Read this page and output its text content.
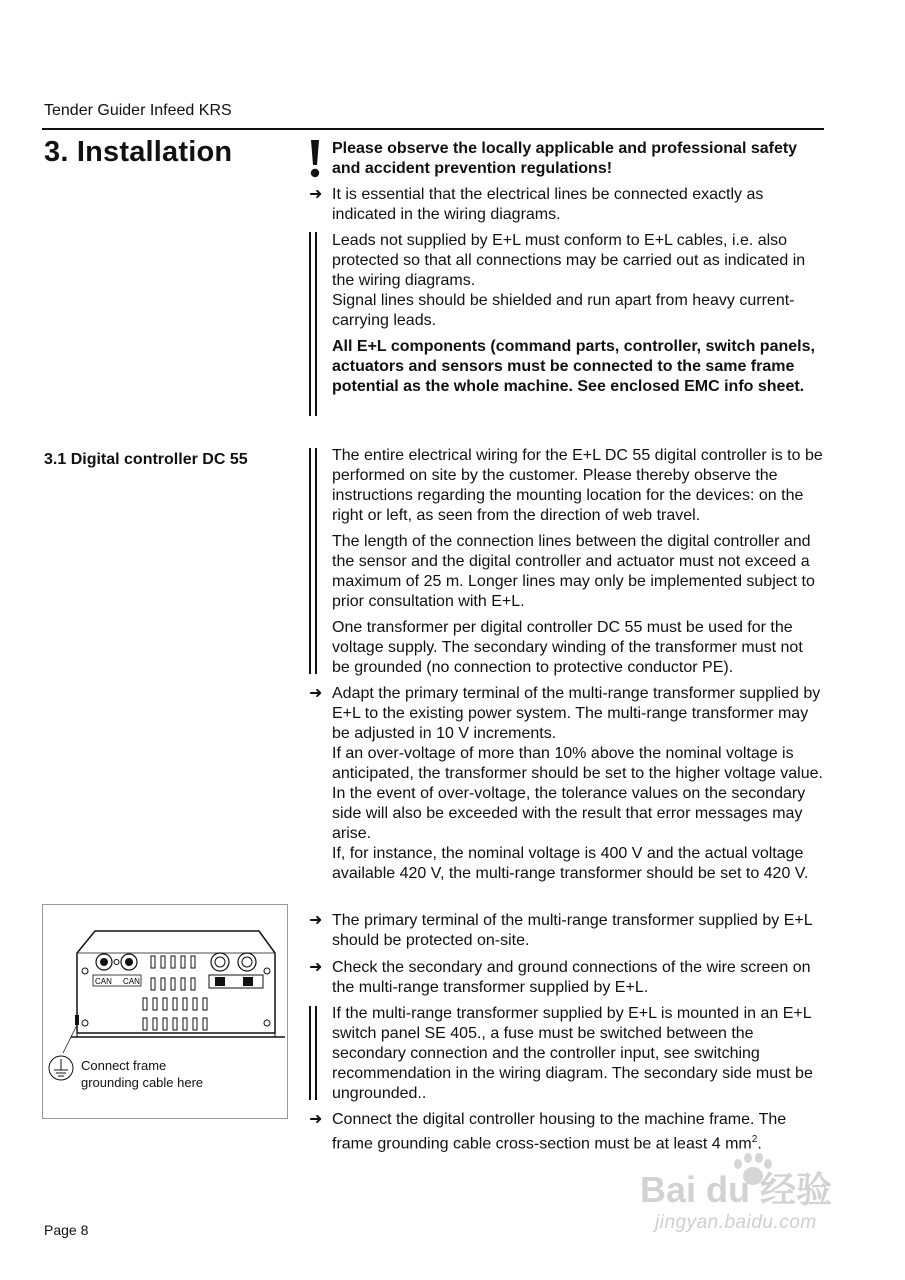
Tender Guider Infeed KRS
3. Installation	Please observe the locally applicable and professional safety and accident prevention regulations!
➜ It is essential that the electrical lines be connected exactly as indicated in the wiring diagrams.

Leads not supplied by E+L must conform to E+L cables, i.e. also protected so that all connections may be carried out as indicated in the wiring diagrams.

Signal lines should be shielded and run apart from heavy current-carrying leads.

All E+L components (command parts, controller, switch panels, actuators and sensors must be connected to the same frame potential as the whole machine. See enclosed EMC info sheet.

3.1 Digital controller DC 55	The entire electrical wiring for the E+L DC 55 digital controller is to be performed on site by the customer. Please thereby observe the instructions regarding the mounting location for the devices: on the right or left, as seen from the direction of web travel.

The length of the connection lines between the digital controller and the sensor and the digital controller and actuator must not exceed a maximum of 25 m. Longer lines may only be implemented subject to prior consultation with E+L.

One transformer per digital controller DC 55 must be used for the voltage supply. The secondary winding of the transformer must not be grounded (no connection to protective conductor PE).

➜ Adapt the primary terminal of the multi-range transformer supplied by E+L to the existing power system. The multi-range transformer may be adjusted in 10 V increments.

If an over-voltage of more than 10% above the nominal voltage is anticipated, the transformer should be set to the higher voltage value. In the event of over-voltage, the tolerance values on the secondary side will also be exceeded with the result that error messages may arise.

If, for instance, the nominal voltage is 400 V and the actual voltage available 420 V, the multi-range transformer should be set to 420 V.

➜ The primary terminal of the multi-range transformer supplied by E+L should be protected on-site.
➜ Check the secondary and ground connections of the wire screen on the multi-range transformer supplied by E+L.
If the multi-range transformer supplied by E+L is mounted in an E+L switch panel SE 405., a fuse must be switched between the secondary connection and the controller input, see switching recommendation in the wiring diagram. The secondary side must be ungrounded..
➜ Connect the digital controller housing to the machine frame. The frame grounding cable cross-section must be at least 4 $mm^2$.
CAN CAN
Connect frame
grounding cable here
Page 8
Bai du 经验
jingyan.baidu.com
